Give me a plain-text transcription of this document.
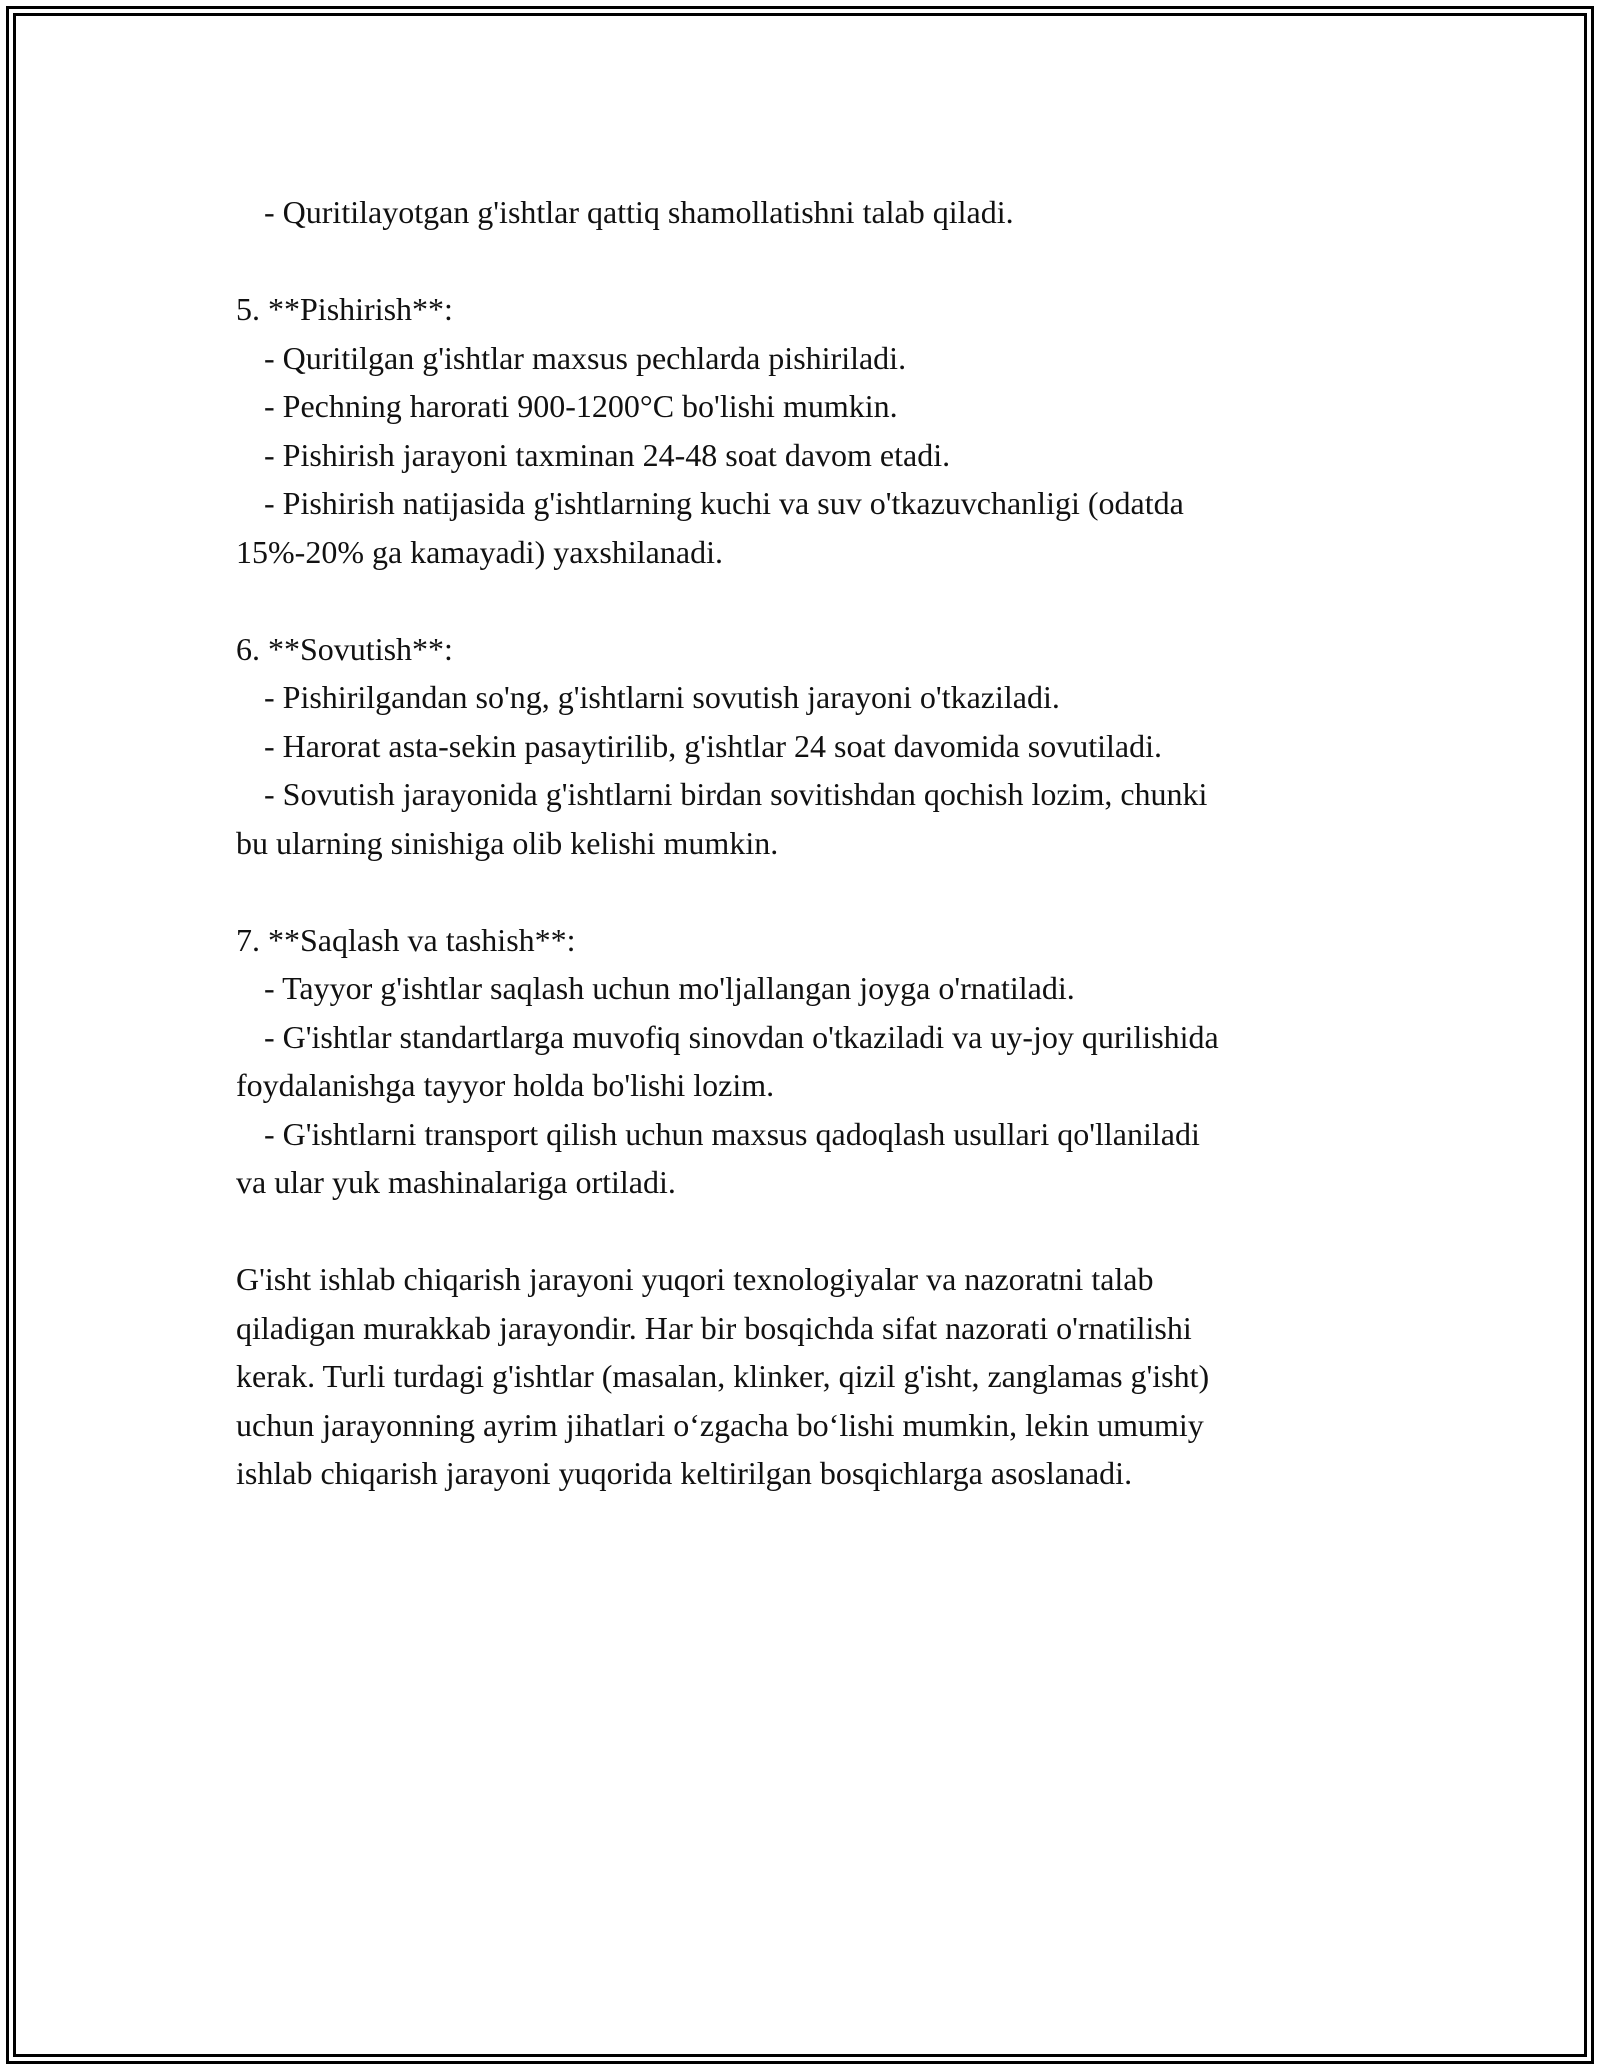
- Quritilayotgan g'ishtlar qattiq shamollatishni talab qiladi.

5. **Pishirish**:

- Quritilgan g'ishtlar maxsus pechlarda pishiriladi.

- Pechning harorati 900-1200°C bo'lishi mumkin.

- Pishirish jarayoni taxminan 24-48 soat davom etadi.

- Pishirish natijasida g'ishtlarning kuchi va suv o'tkazuvchanligi (odatda

15%-20% ga kamayadi) yaxshilanadi.

6. **Sovutish**:

- Pishirilgandan so'ng, g'ishtlarni sovutish jarayoni o'tkaziladi.

- Harorat asta-sekin pasaytirilib, g'ishtlar 24 soat davomida sovutiladi.

- Sovutish jarayonida g'ishtlarni birdan sovitishdan qochish lozim, chunki

bu ularning sinishiga olib kelishi mumkin.

7. **Saqlash va tashish**:

- Tayyor g'ishtlar saqlash uchun mo'ljallangan joyga o'rnatiladi.

- G'ishtlar standartlarga muvofiq sinovdan o'tkaziladi va uy-joy qurilishida

foydalanishga tayyor holda bo'lishi lozim.

- G'ishtlarni transport qilish uchun maxsus qadoqlash usullari qo'llaniladi

va ular yuk mashinalariga ortiladi.

G'isht ishlab chiqarish jarayoni yuqori texnologiyalar va nazoratni talab

qiladigan murakkab jarayondir. Har bir bosqichda sifat nazorati o'rnatilishi

kerak. Turli turdagi g'ishtlar (masalan, klinker, qizil g'isht, zanglamas g'isht)

uchun jarayonning ayrim jihatlari o‘zgacha bo‘lishi mumkin, lekin umumiy

ishlab chiqarish jarayoni yuqorida keltirilgan bosqichlarga asoslanadi.
